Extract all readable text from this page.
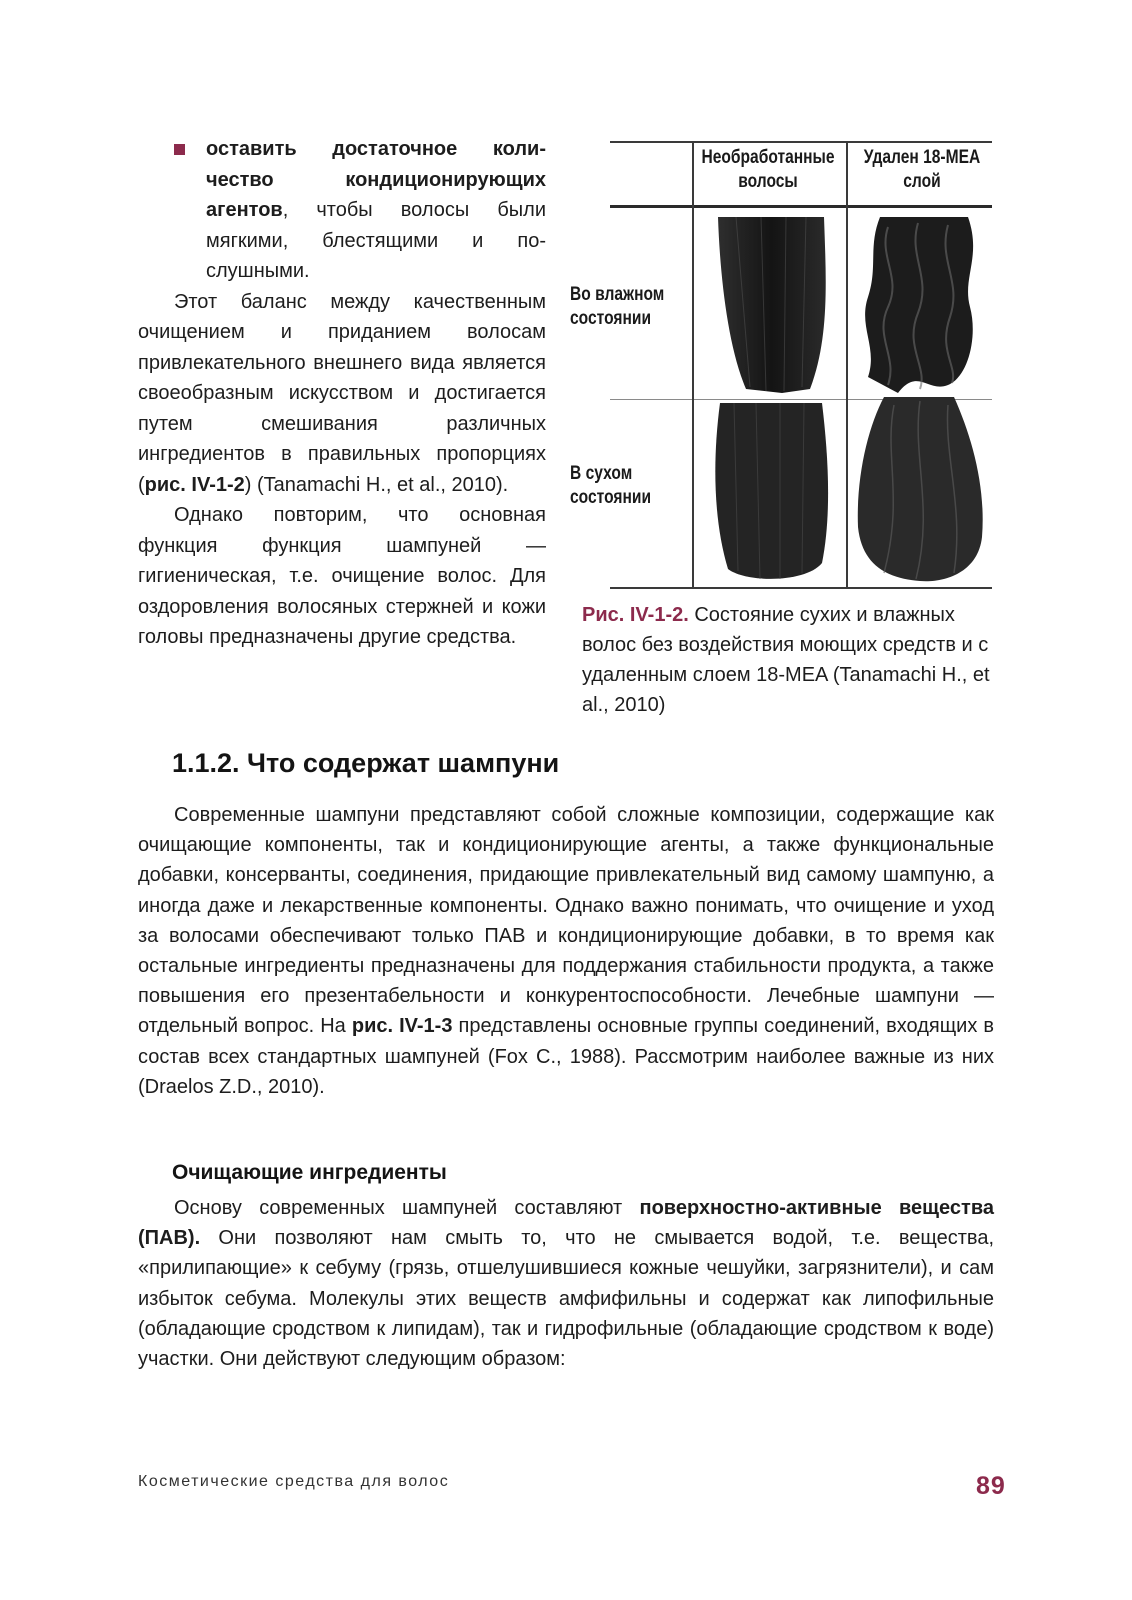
оставить достаточное количество кондиционирующих агентов, чтобы волосы были мягкими, блестящими и послушными.

Этот баланс между качественным очищением и приданием волосам привлекательного внешнего вида является своеобразным искусством и достигается путем смешивания различных ингредиентов в правильных пропорциях (рис. IV-1-2) (Tanamachi H., et al., 2010).

Однако повторим, что основная функция функция шампуней — гигиеническая, т.е. очищение волос. Для оздоровления волосяных стержней и кожи головы предназначены другие средства.

Необработанные волосы
Удален 18-MEA слой
Во влажном состоянии
В сухом состоянии
Рис. IV-1-2. Состояние сухих и влажных волос без воздействия моющих средств и с удаленным слоем 18-MEA (Tanamachi H., et al., 2010)
1.1.2. Что содержат шампуни

Современные шампуни представляют собой сложные композиции, содержащие как очищающие компоненты, так и кондиционирующие агенты, а также функциональные добавки, консерванты, соединения, придающие привлекательный вид самому шампуню, а иногда даже и лекарственные компоненты. Однако важно понимать, что очищение и уход за волосами обеспечивают только ПАВ и кондиционирующие добавки, в то время как остальные ингредиенты предназначены для поддержания стабильности продукта, а также повышения его презентабельности и конкурентоспособности. Лечебные шампуни — отдельный вопрос. На рис. IV-1-3 представлены основные группы соединений, входящих в состав всех стандартных шампуней (Fox C., 1988). Рассмотрим наиболее важные из них (Draelos Z.D., 2010).

Очищающие ингредиенты

Основу современных шампуней составляют поверхностно-активные вещества (ПАВ). Они позволяют нам смыть то, что не смывается водой, т.е. вещества, «прилипающие» к себуму (грязь, отшелушившиеся кожные чешуйки, загрязнители), и сам избыток себума. Молекулы этих веществ амфифильны и содержат как липофильные (обладающие сродством к липидам), так и гидрофильные (обладающие сродством к воде) участки. Они действуют следующим образом:

Косметические средства для волос	89
